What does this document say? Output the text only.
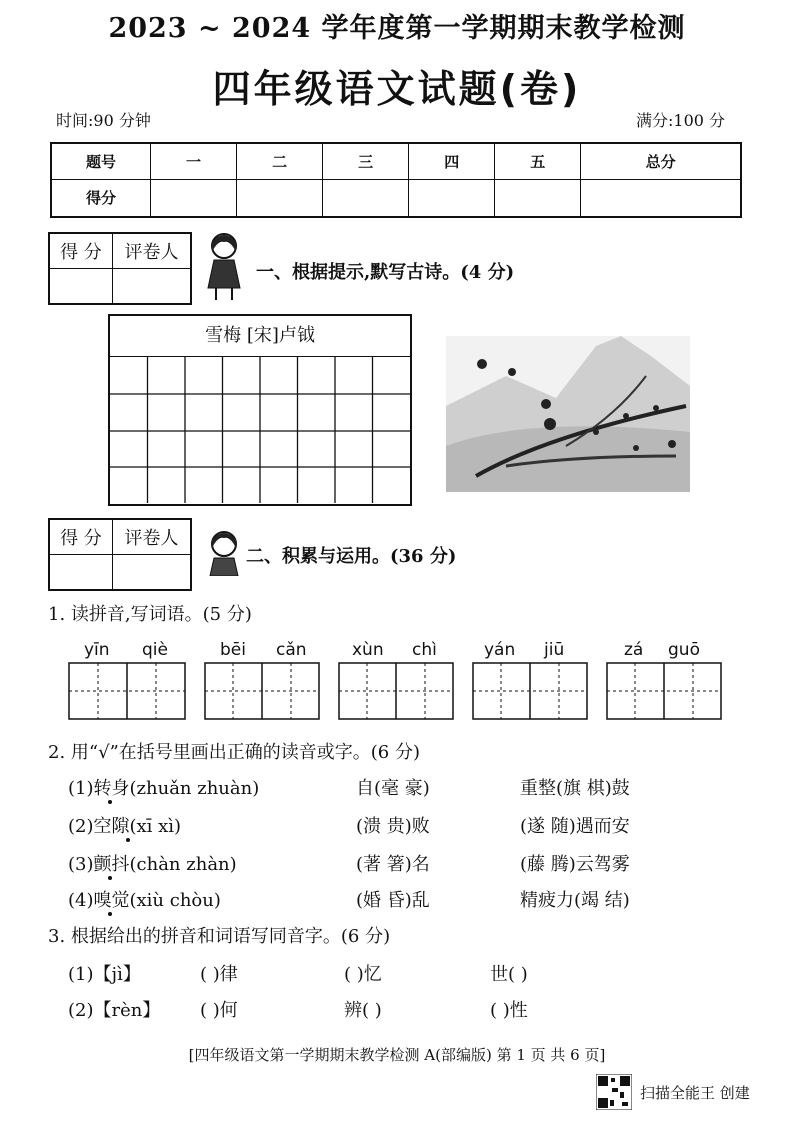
2023 ~ 2024 学年度第一学期期末教学检测
四年级语文试题(卷)
时间:90 分钟	满分:100 分
题号	一	二	三	四	五	总分
得分						
得 分	评卷人

一、根据提示,默写古诗。(4 分)
雪梅 [宋]卢钺
得 分	评卷人

二、积累与运用。(36 分)
1. 读拼音,写词语。(5 分)
yīn qiè	bēi cǎn	xùn chì	yán jiū	zá guō
2. 用“√”在括号里画出正确的读音或字。(6 分)
(1)转身(zhuǎn zhuàn)	自(毫 豪)	重整(旗 棋)鼓
(2)空隙(xī xì)	(溃 贵)败	(遂 随)遇而安
(3)颤抖(chàn zhàn)	(著 箸)名	(藤 腾)云驾雾
(4)嗅觉(xiù chòu)	(婚 昏)乱	精疲力(竭 结)
3. 根据给出的拼音和词语写同音字。(6 分)
(1)【jì】	( )律	( )忆	世( )
(2)【rèn】 ( )何	辨( )	( )性
[四年级语文第一学期期末教学检测 A(部编版) 第 1 页 共 6 页]
扫描全能王 创建
